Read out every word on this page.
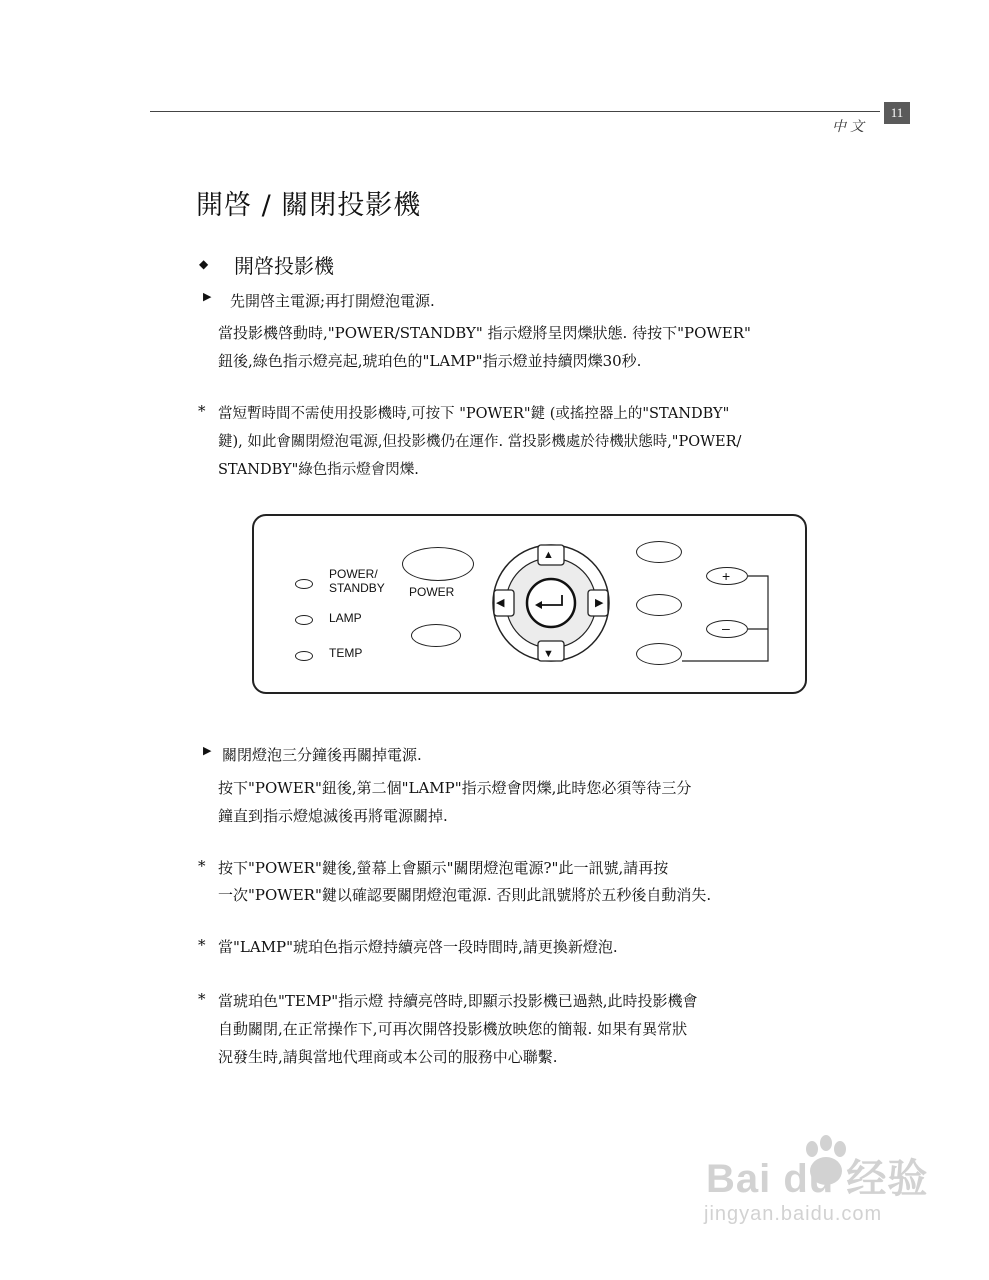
11
中文
開啓 / 關閉投影機
◆ 開啓投影機
▶ 先開啓主電源;再打開燈泡電源.
當投影機啓動時,"POWER/STANDBY" 指示燈將呈閃爍狀態. 待按下"POWER"
鈕後,綠色指示燈亮起,琥珀色的"LAMP"指示燈並持續閃爍30秒.
* 當短暫時間不需使用投影機時,可按下 "POWER"鍵 (或搖控器上的"STANDBY"
鍵), 如此會關閉燈泡電源,但投影機仍在運作. 當投影機處於待機狀態時,"POWER/
STANDBY"綠色指示燈會閃爍.
POWER/
STANDBY
LAMP
TEMP
POWER
▲
▼
◀	▶
+
–
▶ 關閉燈泡三分鐘後再關掉電源.
按下"POWER"鈕後,第二個"LAMP"指示燈會閃爍,此時您必須等待三分
鐘直到指示燈熄滅後再將電源關掉.
* 按下"POWER"鍵後,螢幕上會顯示"關閉燈泡電源?"此一訊號,請再按
一次"POWER"鍵以確認要關閉燈泡電源. 否則此訊號將於五秒後自動消失.
* 當"LAMP"琥珀色指示燈持續亮啓一段時間時,請更換新燈泡.
* 當琥珀色"TEMP"指示燈 持續亮啓時,即顯示投影機已過熱,此時投影機會
自動關閉,在正常操作下,可再次開啓投影機放映您的簡報. 如果有異常狀
況發生時,請與當地代理商或本公司的服務中心聯繫.
Bai du 经验
jingyan.baidu.com
